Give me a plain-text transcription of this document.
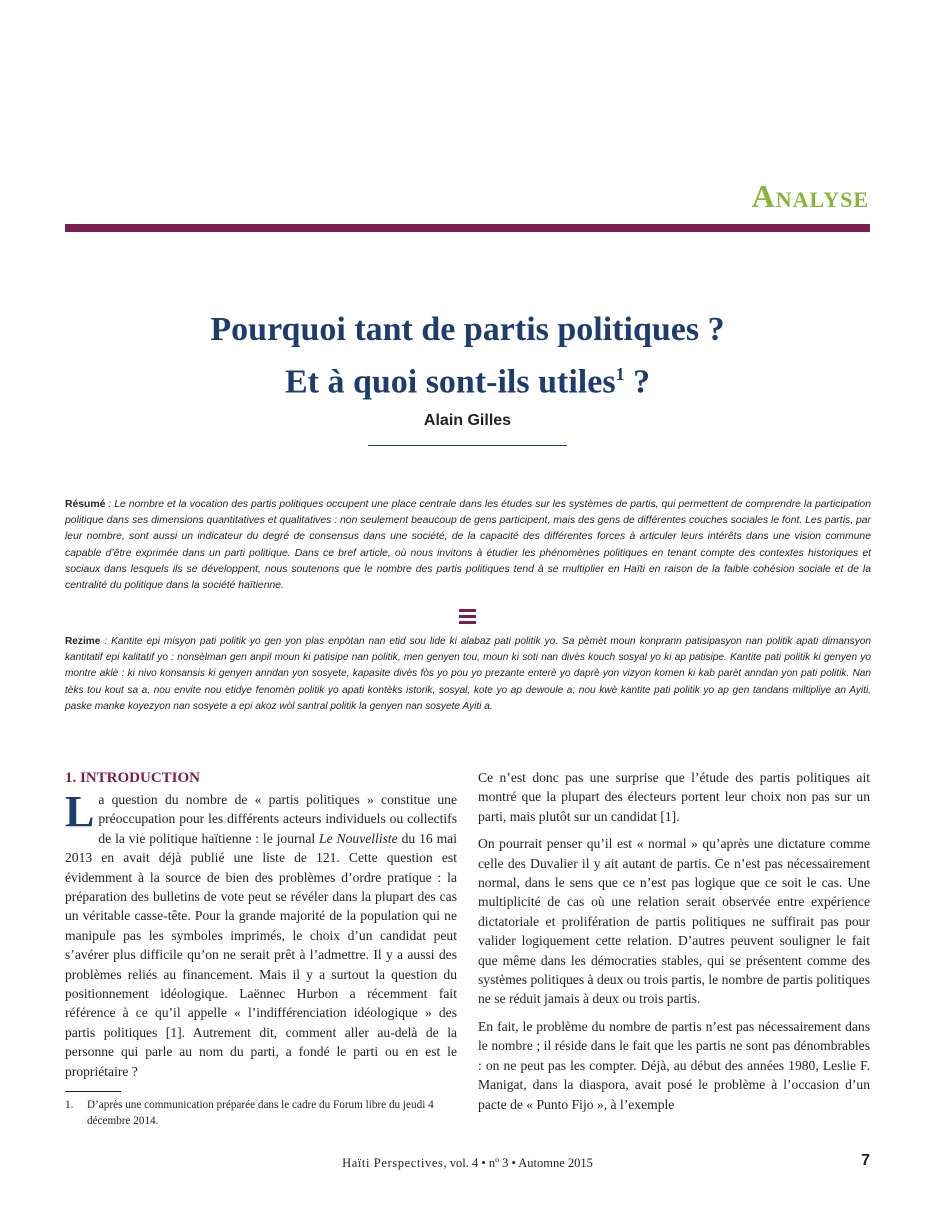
Analyse
Pourquoi tant de partis politiques ?
Et à quoi sont-ils utiles$^1$ ?
Alain Gilles

Résumé : Le nombre et la vocation des partis politiques occupent une place centrale dans les études sur les systèmes de partis, qui permettent de comprendre la participation politique dans ses dimensions quantitatives et qualitatives : non seulement beaucoup de gens participent, mais des gens de différentes couches sociales le font. Les partis, par leur nombre, sont aussi un indicateur du degré de consensus dans une société, de la capacité des différentes forces à articuler leurs intérêts dans une vision commune capable d’être exprimée dans un parti politique. Dans ce bref article, où nous invitons à étudier les phénomènes politiques en tenant compte des contextes historiques et sociaux dans lesquels ils se développent, nous soutenons que le nombre des partis politiques tend à se multiplier en Haïti en raison de la faible cohésion sociale et de la centralité du politique dans la société haïtienne.

Rezime : Kantite epi misyon pati politik yo gen yon plas enpòtan nan etid sou lide ki alabaz pati politik yo. Sa pèmèt moun konprann patisipasyon nan politik apati dimansyon kantitatif epi kalitatif yo : nonsèlman gen anpil moun ki patisipe nan politik, men genyen tou, moun ki soti nan divès kouch sosyal yo ki ap patisipe. Kantite pati politik ki genyen yo montre aklè : ki nivo konsansis ki genyen anndan yon sosyete, kapasite divès fòs yo pou yo prezante enterè yo daprè yon vizyon komen ki kab parèt anndan yon pati politik. Nan tèks tou kout sa a, nou envite nou etidye fenomèn politik yo apati kontèks istorik, sosyal, kote yo ap dewoule a; nou kwè kantite pati politik yo ap gen tandans miltipliye an Ayiti, paske manke koyezyon nan sosyete a epi akoz wòl santral politik la genyen nan sosyete Ayiti a.

1. INTRODUCTION

La question du nombre de « partis politiques » constitue une préoccupation pour les différents acteurs individuels ou collectifs de la vie politique haïtienne : le journal Le Nouvelliste du 16 mai 2013 en avait déjà publié une liste de 121. Cette question est évidemment à la source de bien des problèmes d’ordre pratique : la préparation des bulletins de vote peut se révéler dans la plupart des cas un véritable casse-tête. Pour la grande majorité de la population qui ne manipule pas les symboles imprimés, le choix d’un candidat peut s’avérer plus difficile qu’on ne serait prêt à l’admettre. Il y a aussi des problèmes reliés au financement. Mais il y a surtout la question du positionnement idéologique. Laënnec Hurbon a récemment fait référence à ce qu’il appelle « l’indifférenciation idéologique » des partis politiques [1]. Autrement dit, comment aller au-delà de la personne qui parle au nom du parti, a fondé le parti ou en est le propriétaire ?

Ce n’est donc pas une surprise que l’étude des partis politiques ait montré que la plupart des électeurs portent leur choix non pas sur un parti, mais plutôt sur un candidat [1].

On pourrait penser qu’il est « normal » qu’après une dictature comme celle des Duvalier il y ait autant de partis. Ce n’est pas nécessairement normal, dans le sens que ce n’est pas logique que ce soit le cas. Une multiplicité de cas où une relation serait observée entre expérience dictatoriale et prolifération de partis politiques ne suffirait pas pour valider logiquement cette relation. D’autres peuvent souligner le fait que même dans les démocraties stables, qui se présentent comme des systèmes politiques à deux ou trois partis, le nombre de partis politiques ne se réduit jamais à deux ou trois partis.

En fait, le problème du nombre de partis n’est pas nécessairement dans le nombre ; il réside dans le fait que les partis ne sont pas dénombrables : on ne peut pas les compter. Déjà, au début des années 1980, Leslie F. Manigat, dans la diaspora, avait posé le problème à l’occasion d’un pacte de « Punto Fijo », à l’exemple

1.	D’après une communication préparée dans le cadre du Forum libre du jeudi 4 décembre 2014.
Haïti Perspectives, vol. 4 • nº 3 • Automne 2015	7
